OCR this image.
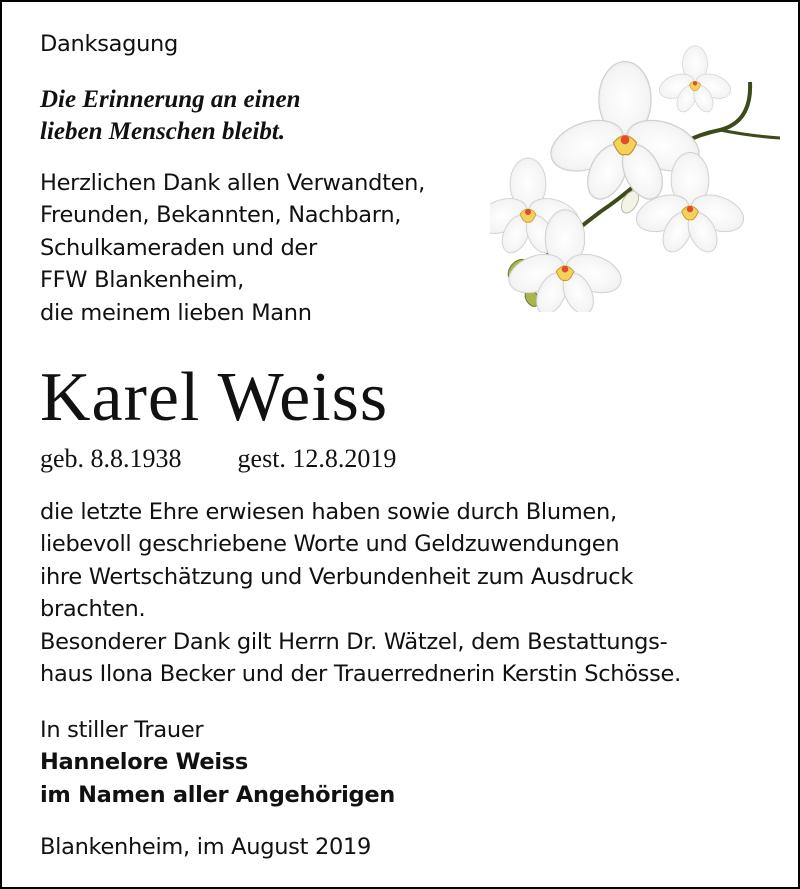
Danksagung
Die Erinnerung an einen
lieben Menschen bleibt.
Herzlichen Dank allen Verwandten,
Freunden, Bekannten, Nachbarn,
Schulkameraden und der
FFW Blankenheim,
die meinem lieben Mann
Karel Weiss
geb. 8.8.1938 gest. 12.8.2019
die letzte Ehre erwiesen haben sowie durch Blumen,
liebevoll geschriebene Worte und Geldzuwendungen
ihre Wertschätzung und Verbundenheit zum Ausdruck
brachten.
Besonderer Dank gilt Herrn Dr. Wätzel, dem Bestattungs-
haus Ilona Becker und der Trauerrednerin Kerstin Schösse.
In stiller Trauer
Hannelore Weiss
im Namen aller Angehörigen
Blankenheim, im August 2019
